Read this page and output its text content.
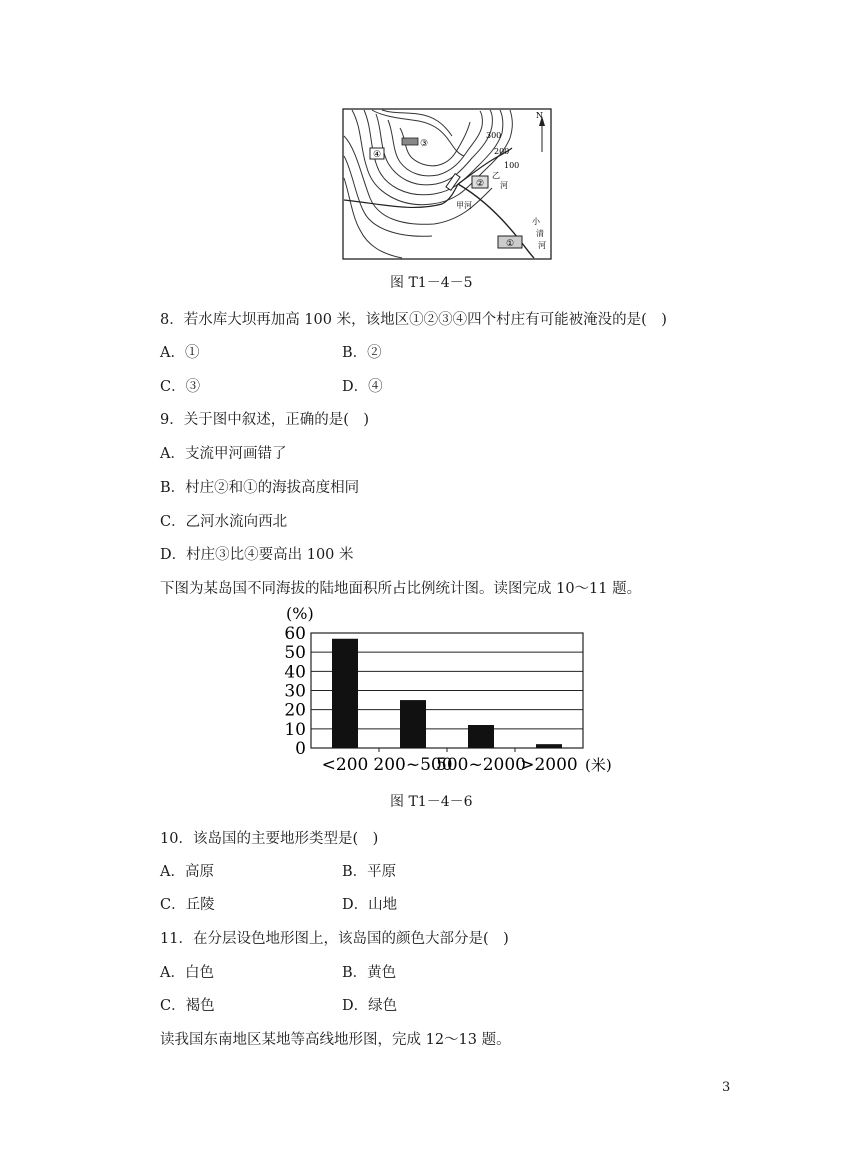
④
③
②
①
300
200
100
甲河
乙
河
小
清
河
N
图 T1－4－5
8．若水库大坝再加高 100 米，该地区①②③④四个村庄有可能被淹没的是(　)
A．①	B．②
C．③	D．④
9．关于图中叙述，正确的是(　)
A．支流甲河画错了
B．村庄②和①的海拔高度相同
C．乙河水流向西北
D．村庄③比④要高出 100 米
下图为某岛国不同海拔的陆地面积所占比例统计图。读图完成 10～11 题。
60
50
40
30
20
10
0
(%)
<200 200~500
500~2000
>2000 (米)
图 T1－4－6
10．该岛国的主要地形类型是(　)
A．高原	B．平原
C．丘陵	D．山地
11．在分层设色地形图上，该岛国的颜色大部分是(　)
A．白色	B．黄色
C．褐色	D．绿色
读我国东南地区某地等高线地形图，完成 12～13 题。
3
